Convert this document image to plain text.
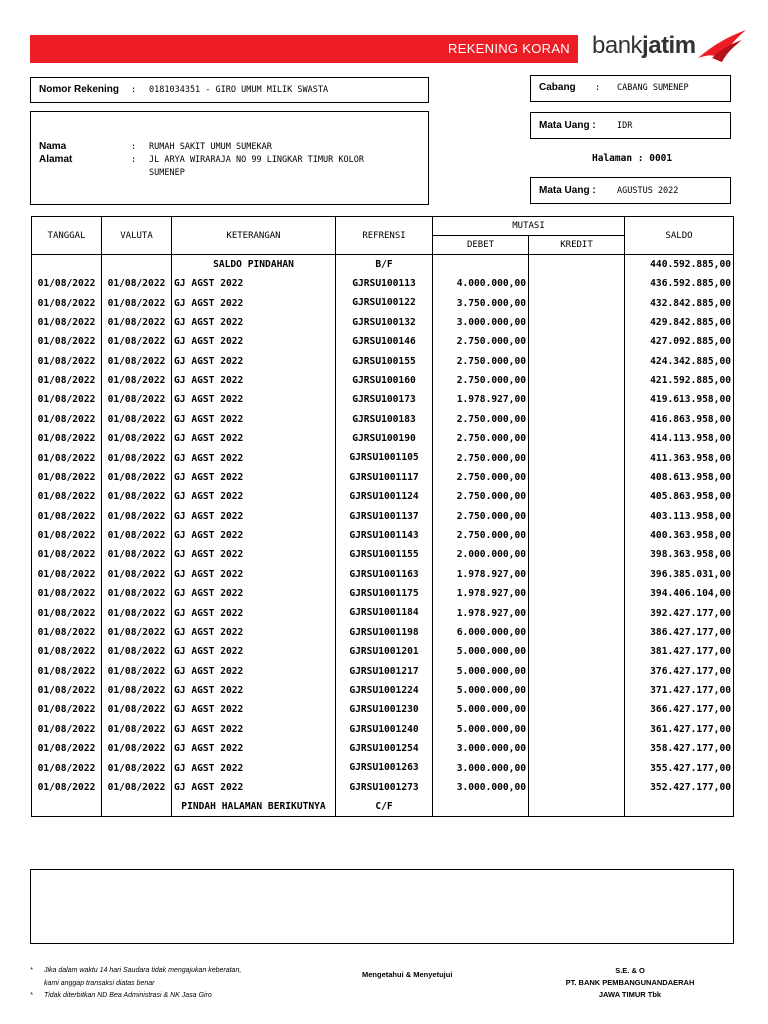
REKENING KORAN bankjatim
Nomor Rekening : 0181034351 - GIRO UMUM MILIK SWASTA	Cabang : CABANG SUMENEP
Nama	: RUMAH SAKIT UMUM SUMEKAR
Alamat	: JL ARYA WIRARAJA NO 99 LINGKAR TIMUR KOLOR
SUMENEP
Mata Uang :	IDR
Halaman : 0001
Mata Uang :	AGUSTUS 2022
TANGGAL	VALUTA	KETERANGAN	REFRENSI	MUTASI		SALDO
				DEBET	KREDIT	
		SALDO PINDAHAN	B/F			440.592.885,00
01/08/2022	01/08/2022	GJ AGST 2022	GJRSU100113	4.000.000,00		436.592.885,00
01/08/2022	01/08/2022	GJ AGST 2022	GJRSU100122	3.750.000,00		432.842.885,00
01/08/2022	01/08/2022	GJ AGST 2022	GJRSU100132	3.000.000,00		429.842.885,00
01/08/2022	01/08/2022	GJ AGST 2022	GJRSU100146	2.750.000,00		427.092.885,00
01/08/2022	01/08/2022	GJ AGST 2022	GJRSU100155	2.750.000,00		424.342.885,00
01/08/2022	01/08/2022	GJ AGST 2022	GJRSU100160	2.750.000,00		421.592.885,00
01/08/2022	01/08/2022	GJ AGST 2022	GJRSU100173	1.978.927,00		419.613.958,00
01/08/2022	01/08/2022	GJ AGST 2022	GJRSU100183	2.750.000,00		416.863.958,00
01/08/2022	01/08/2022	GJ AGST 2022	GJRSU100190	2.750.000,00		414.113.958,00
01/08/2022	01/08/2022	GJ AGST 2022	GJRSU1001105	2.750.000,00		411.363.958,00
01/08/2022	01/08/2022	GJ AGST 2022	GJRSU1001117	2.750.000,00		408.613.958,00
01/08/2022	01/08/2022	GJ AGST 2022	GJRSU1001124	2.750.000,00		405.863.958,00
01/08/2022	01/08/2022	GJ AGST 2022	GJRSU1001137	2.750.000,00		403.113.958,00
01/08/2022	01/08/2022	GJ AGST 2022	GJRSU1001143	2.750.000,00		400.363.958,00
01/08/2022	01/08/2022	GJ AGST 2022	GJRSU1001155	2.000.000,00		398.363.958,00
01/08/2022	01/08/2022	GJ AGST 2022	GJRSU1001163	1.978.927,00		396.385.031,00
01/08/2022	01/08/2022	GJ AGST 2022	GJRSU1001175	1.978.927,00		394.406.104,00
01/08/2022	01/08/2022	GJ AGST 2022	GJRSU1001184	1.978.927,00		392.427.177,00
01/08/2022	01/08/2022	GJ AGST 2022	GJRSU1001198	6.000.000,00		386.427.177,00
01/08/2022	01/08/2022	GJ AGST 2022	GJRSU1001201	5.000.000,00		381.427.177,00
01/08/2022	01/08/2022	GJ AGST 2022	GJRSU1001217	5.000.000,00		376.427.177,00
01/08/2022	01/08/2022	GJ AGST 2022	GJRSU1001224	5.000.000,00		371.427.177,00
01/08/2022	01/08/2022	GJ AGST 2022	GJRSU1001230	5.000.000,00		366.427.177,00
01/08/2022	01/08/2022	GJ AGST 2022	GJRSU1001240	5.000.000,00		361.427.177,00
01/08/2022	01/08/2022	GJ AGST 2022	GJRSU1001254	3.000.000,00		358.427.177,00
01/08/2022	01/08/2022	GJ AGST 2022	GJRSU1001263	3.000.000,00		355.427.177,00
01/08/2022	01/08/2022	GJ AGST 2022	GJRSU1001273	3.000.000,00		352.427.177,00
		PINDAH HALAMAN BERIKUTNYA	C/F			
* Jika dalam waktu 14 hari Saudara tidak mengajukan keberatan,
kami anggap transaksi diatas benar
* Tidak diterbitkan ND Bea Administrasi & NK Jasa Giro
Mengetahui & Menyetujui	S.E. & O
PT. BANK PEMBANGUNANDAERAH
JAWA TIMUR Tbk
